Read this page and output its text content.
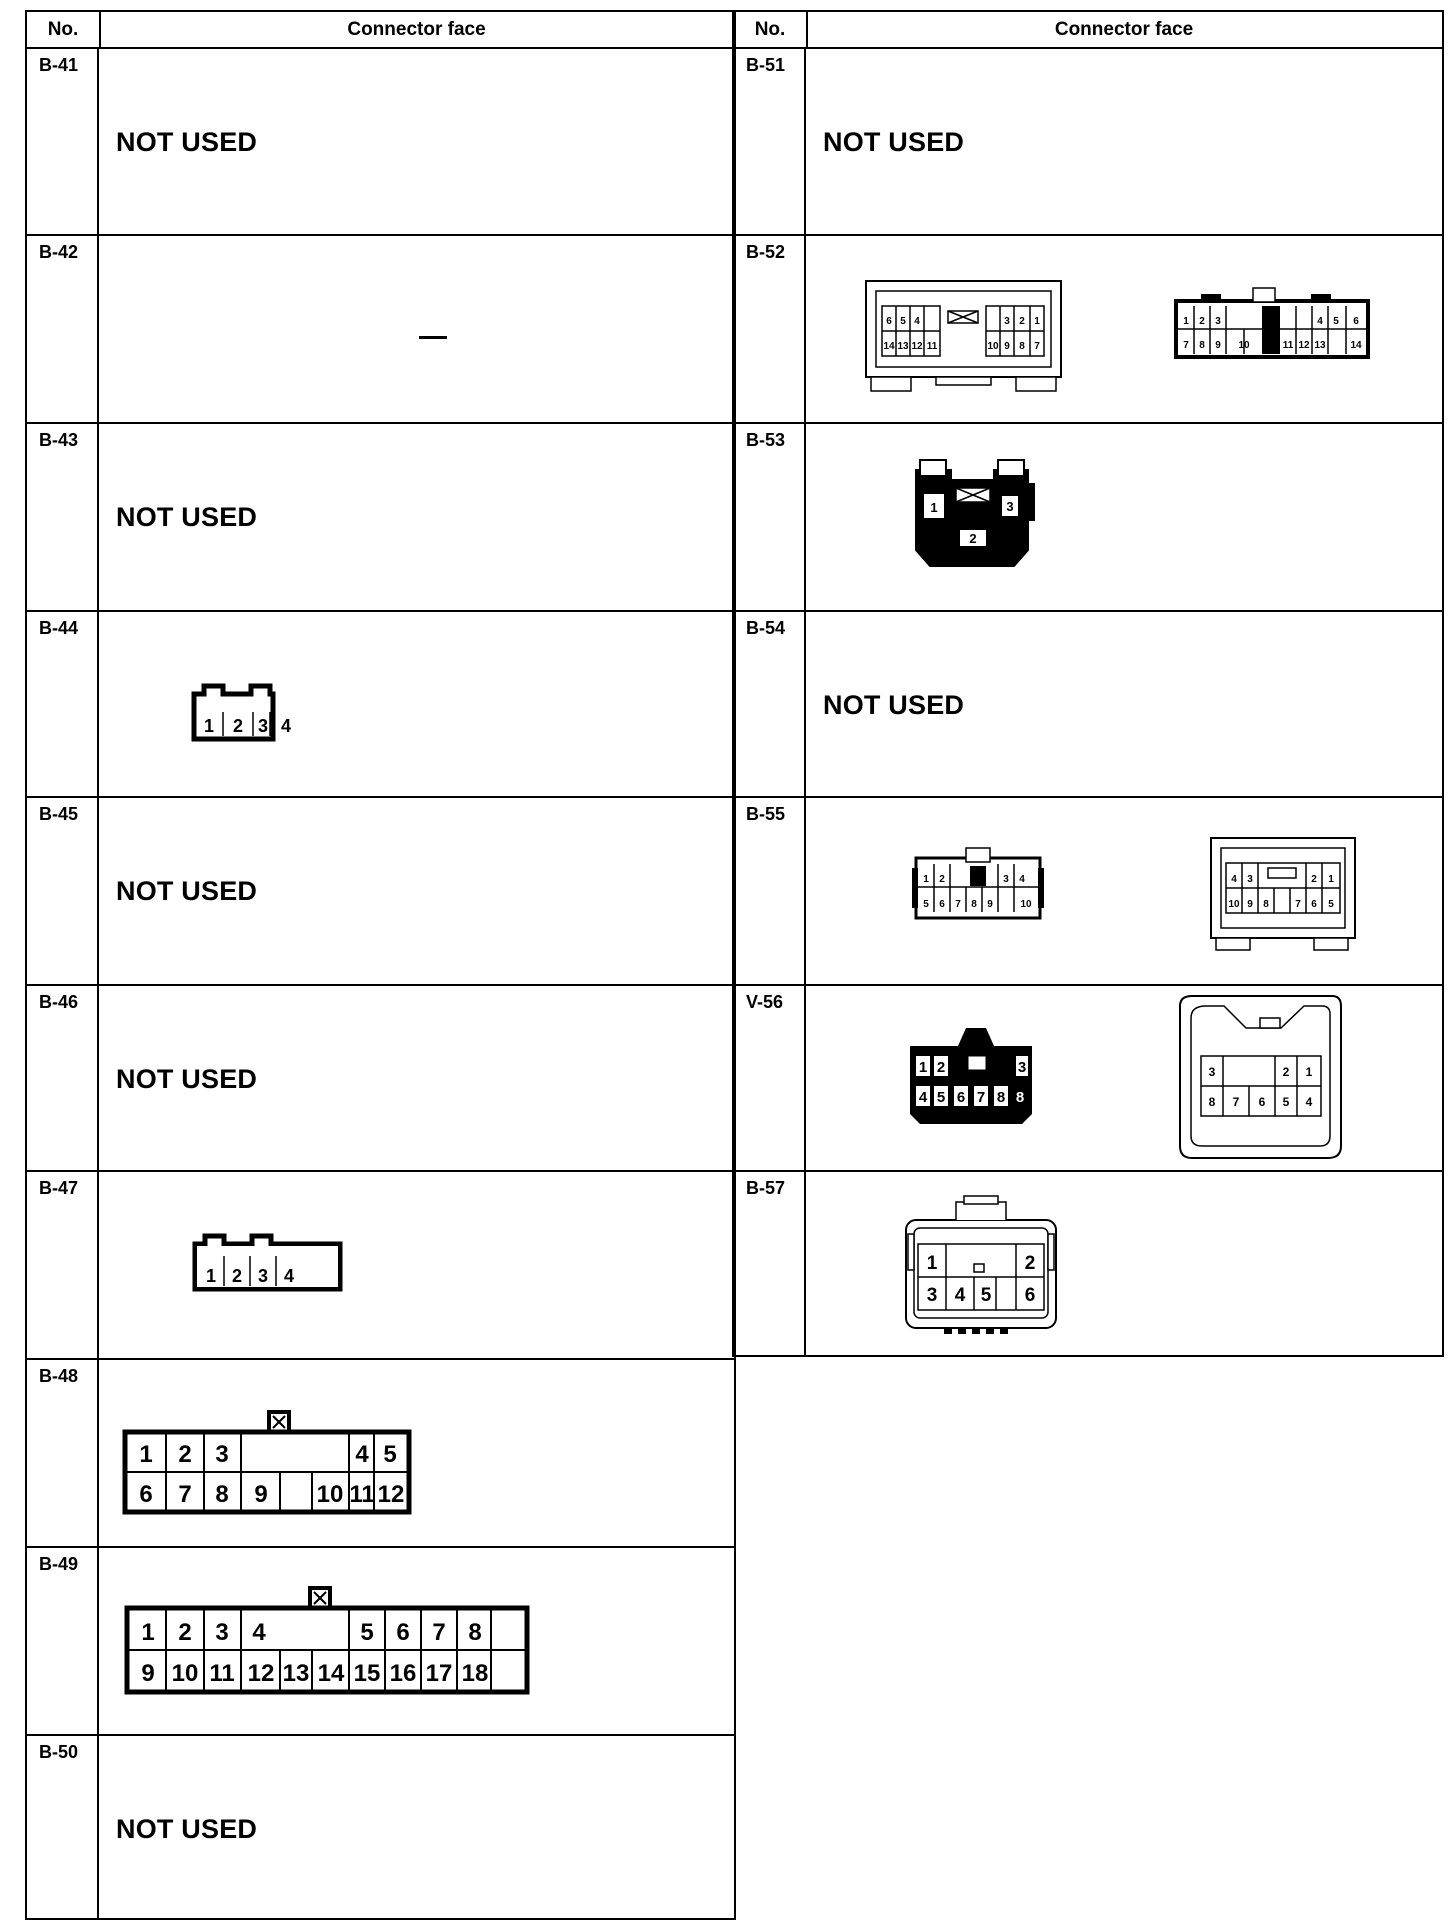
No.	Connector face
B-41
NOT USED
B-42
B-43
NOT USED
B-44
1 2 3 4
B-45
NOT USED
B-46
NOT USED
B-47
1 2 3 4
B-48
1 2 3	4 5
6 7 8 9 10 11 12
B-49
1 2 3 4	5 6 7 8
9 10 11 12 13 14 15 16 17 18
B-50
NOT USED
No.	Connector face
B-51
NOT USED
B-52
6 5 4	3 2 1
14 13 12 11	10 9 8 7
1 2 3	4 5 6
7 8 9 10	11 12 13 14
B-53
1	3
2
B-54
NOT USED
B-55
1 2	3 4
5 6 7 8 9	10
4 3	2 1
10 9 8	7 6 5
V-56
1 2	3
4 5 6 7 8 8
3	2 1
8 7 6 5 4
B-57
1	2
3 4 5 6
